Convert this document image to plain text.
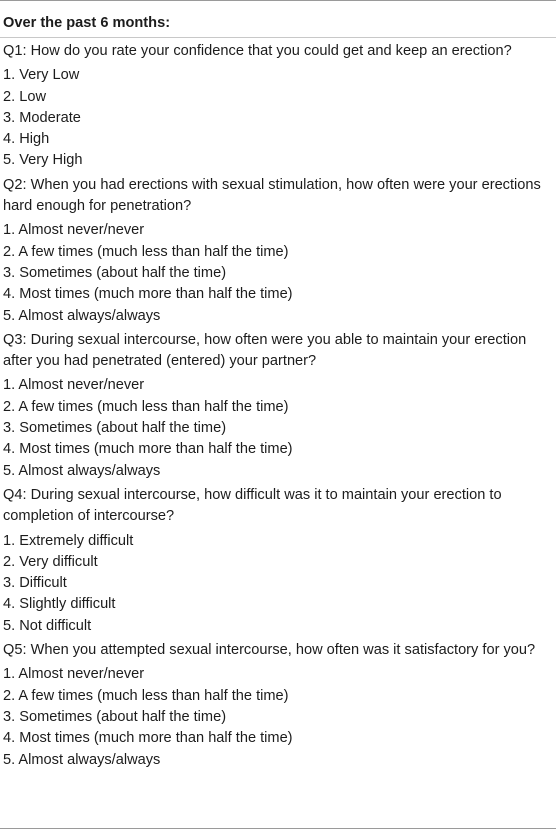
Over the past 6 months:
Q1: How do you rate your confidence that you could get and keep an erection?
1. Very Low
2. Low
3. Moderate
4. High
5. Very High
Q2: When you had erections with sexual stimulation, how often were your erections hard enough for penetration?
1. Almost never/never
2. A few times (much less than half the time)
3. Sometimes (about half the time)
4. Most times (much more than half the time)
5. Almost always/always
Q3: During sexual intercourse, how often were you able to maintain your erection after you had penetrated (entered) your partner?
1. Almost never/never
2. A few times (much less than half the time)
3. Sometimes (about half the time)
4. Most times (much more than half the time)
5. Almost always/always
Q4: During sexual intercourse, how difficult was it to maintain your erection to completion of intercourse?
1. Extremely difficult
2. Very difficult
3. Difficult
4. Slightly difficult
5. Not difficult
Q5: When you attempted sexual intercourse, how often was it satisfactory for you?
1. Almost never/never
2. A few times (much less than half the time)
3. Sometimes (about half the time)
4. Most times (much more than half the time)
5. Almost always/always
